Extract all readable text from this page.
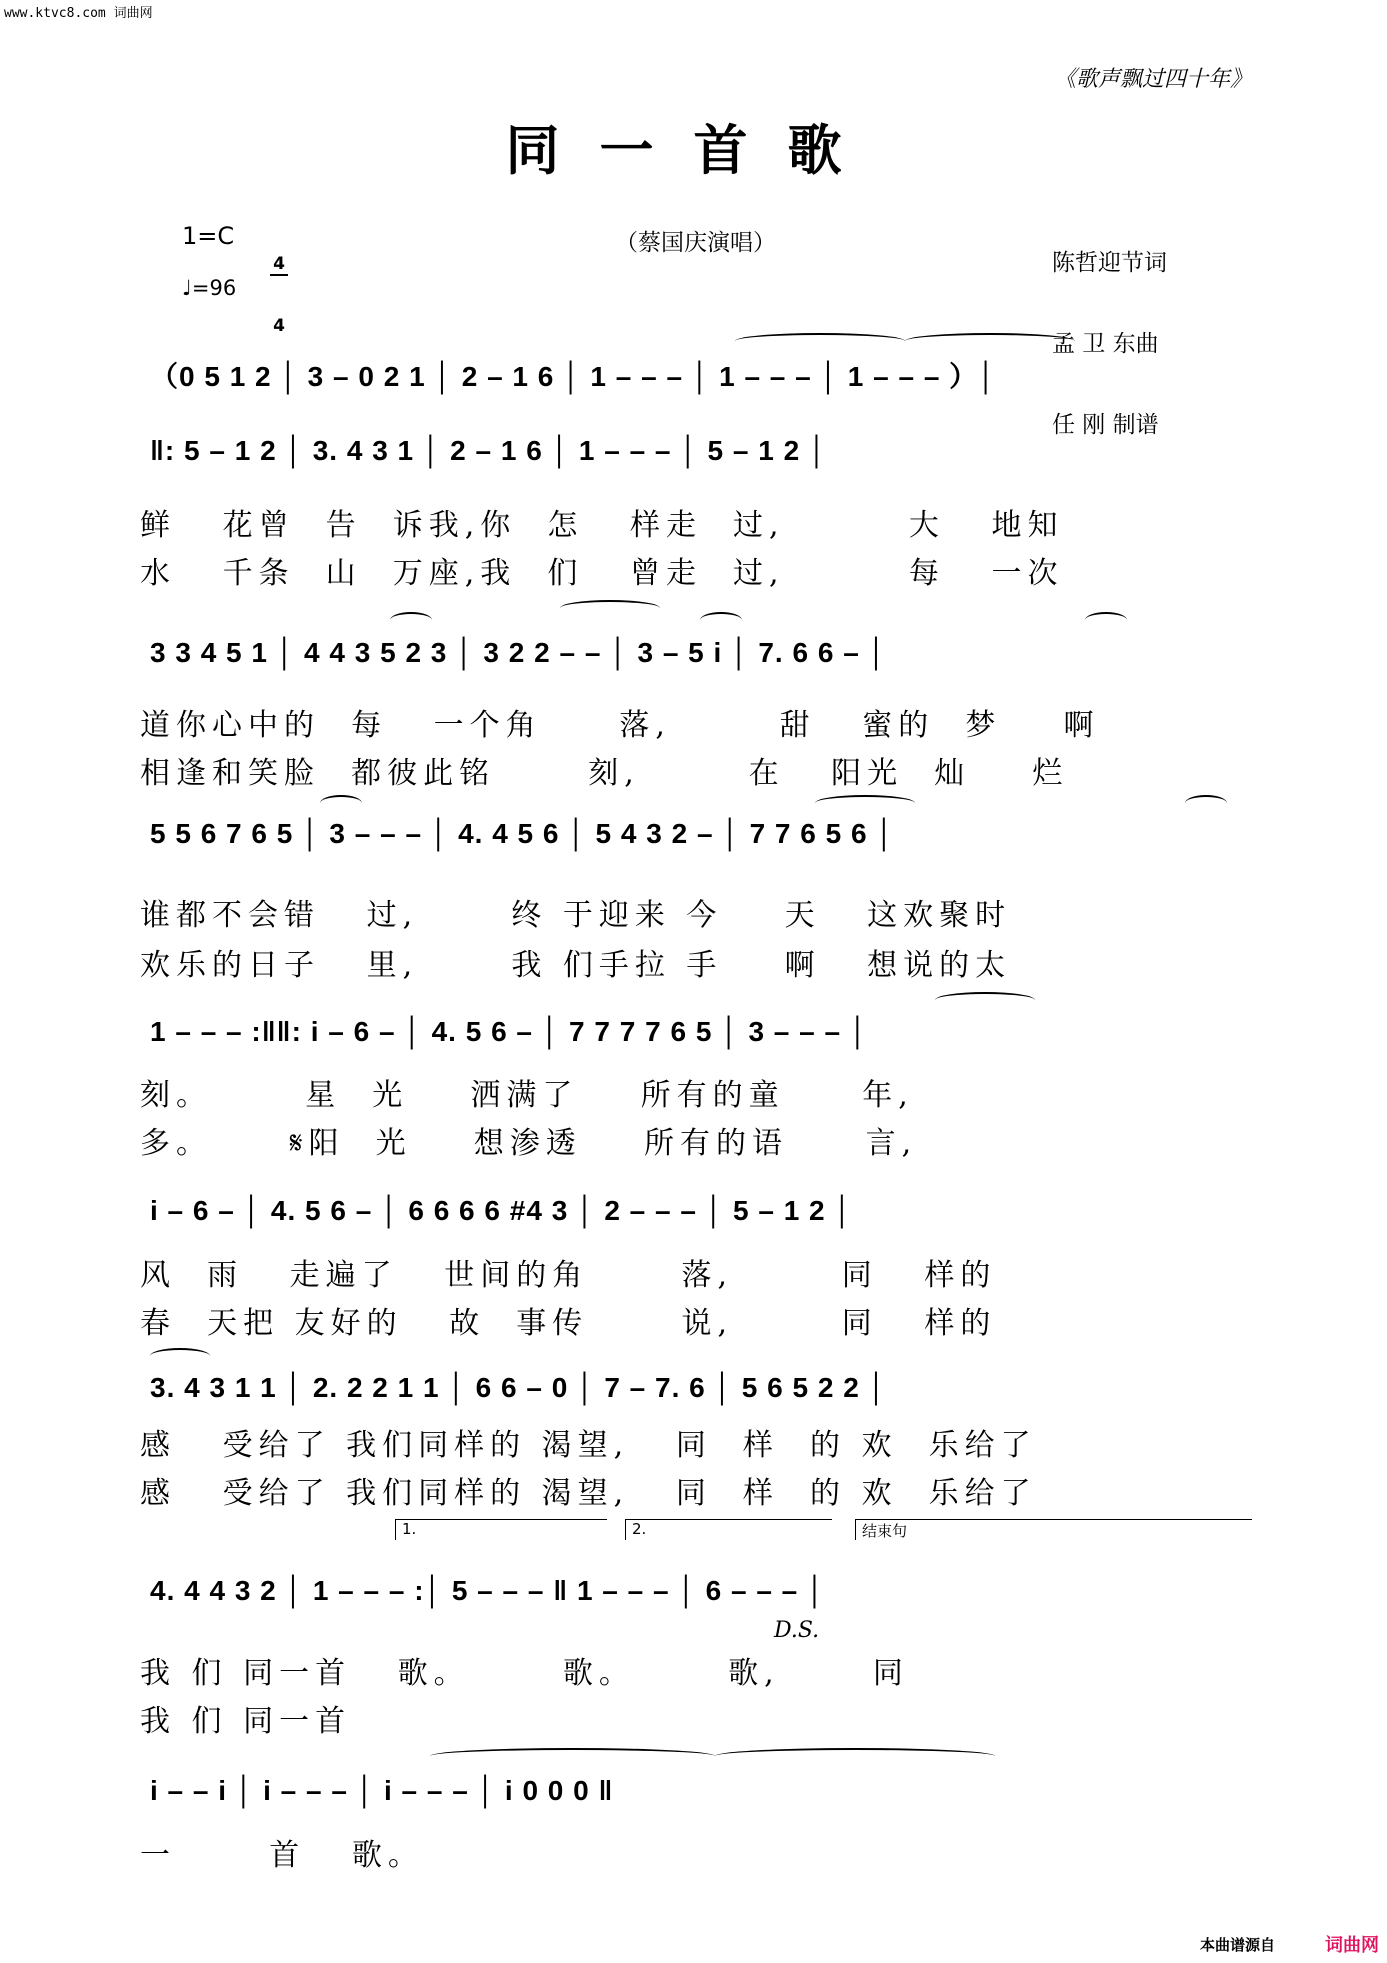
www.ktvc8.com 词曲网
《歌声飘过四十年》
同一首歌
1=C

4

4

♩=96
（蔡国庆演唱）

陈哲迎节词

孟 卫 东曲

任 刚 制谱

（0 5 1 2 │ 3 – 0 2 1 │ 2 – 1 6 │ 1 – – – │ 1 – – – │ 1 – – – ）│
‖: 5 – 1 2 │ 3. 4 3 1 │ 2 – 1 6 │ 1 – – – │ 5 – 1 2 │
鲜   花曾  告  诉我,你  怎   样走  过,        大   地知
水   千条  山  万座,我  们   曾走  过,        每   一次
3 3 4 5 1 │ 4 4 3 5 2 3 │ 3 2 2 – – │ 3 – 5 i │ 7. 6 6 – │
道你心中的  每   一个角     落,       甜   蜜的  梦    啊
相逢和笑脸  都彼此铭      刻,       在   阳光  灿    烂
5 5 6 7 6 5 │ 3 – – – │ 4. 4 5 6 │ 5 4 3 2 – │ 7 7 6 5 6 │
谁都不会错   过,      终 于迎来 今    天   这欢聚时
欢乐的日子   里,      我 们手拉 手    啊   想说的太
1 – – – :‖‖: i – 6 – │ 4. 5 6 – │ 7 7 7 7 6 5 │ 3 – – – │
刻。      星  光    洒满了    所有的童     年,
多。     𝄋阳  光    想渗透    所有的语     言,
i – 6 – │ 4. 5 6 – │ 6 6 6 6 #4 3 │ 2 – – – │ 5 – 1 2 │
风  雨   走遍了   世间的角      落,       同   样的
春  天把 友好的   故  事传      说,       同   样的
3. 4 3 1 1 │ 2. 2 2 1 1 │ 6 6 – 0 │ 7 – 7. 6 │ 5 6 5 2 2 │
感   受给了 我们同样的 渴望,   同  样  的 欢  乐给了
感   受给了 我们同样的 渴望,   同  样  的 欢  乐给了
1.	2.	结束句
4. 4 4 3 2 │ 1 – – – :│ 5 – – – ‖ 1 – – – │ 6 – – – │
D.S.
我 们 同一首   歌。      歌。      歌,      同
我 们 同一首
i – – i │ i – – – │ i – – – │ i 0 0 0 ‖
一      首   歌。
本曲谱源自	词曲网
